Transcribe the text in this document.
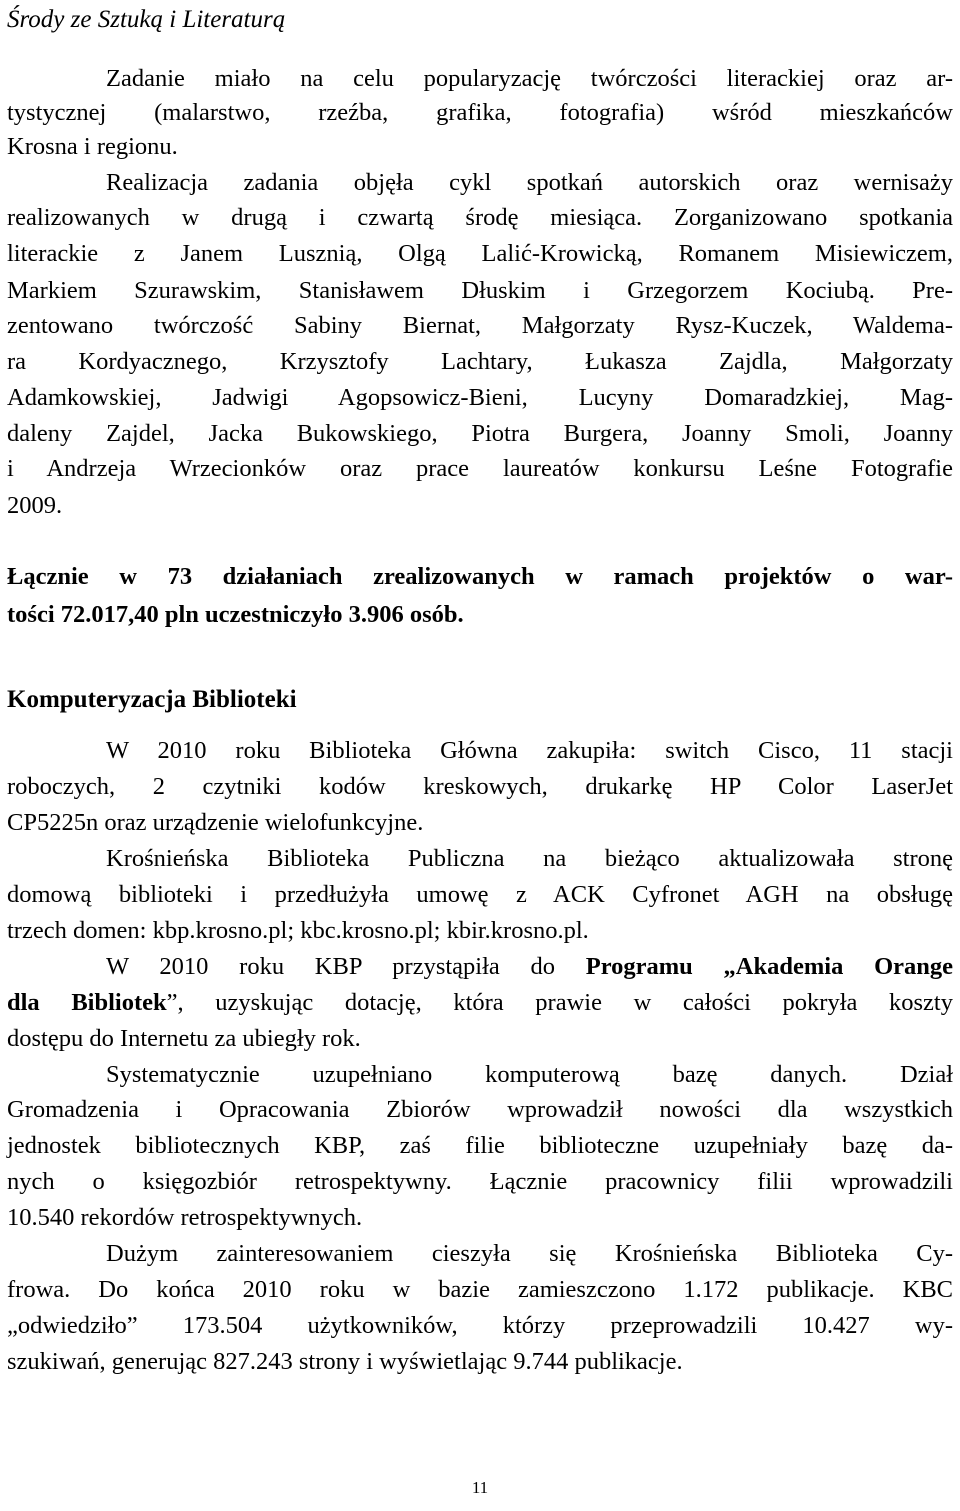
Środy ze Sztuką i Literaturą
Zadanie miało na celu popularyzację twórczości literackiej oraz ar-
tystycznej (malarstwo, rzeźba, grafika, fotografia) wśród mieszkańców
Krosna i regionu.
Realizacja zadania objęła cykl spotkań autorskich oraz wernisaży
realizowanych w drugą i czwartą środę miesiąca. Zorganizowano spotkania
literackie z Janem Lusznią, Olgą Lalić-Krowicką, Romanem Misiewiczem,
Markiem Szurawskim, Stanisławem Dłuskim i Grzegorzem Kociubą. Pre-
zentowano twórczość Sabiny Biernat, Małgorzaty Rysz-Kuczek, Waldema-
ra Kordyacznego, Krzysztofy Lachtary, Łukasza Zajdla, Małgorzaty
Adamkowskiej, Jadwigi Agopsowicz-Bieni, Lucyny Domaradzkiej, Mag-
daleny Zajdel, Jacka Bukowskiego, Piotra Burgera, Joanny Smoli, Joanny
i Andrzeja Wrzecionków oraz prace laureatów konkursu Leśne Fotografie
2009.
Łącznie w 73 działaniach zrealizowanych w ramach projektów o war-
tości 72.017,40 pln uczestniczyło 3.906 osób.
Komputeryzacja Biblioteki
W 2010 roku Biblioteka Główna zakupiła: switch Cisco, 11 stacji
roboczych, 2 czytniki kodów kreskowych, drukarkę HP Color LaserJet
CP5225n oraz urządzenie wielofunkcyjne.
Krośnieńska Biblioteka Publiczna na bieżąco aktualizowała stronę
domową biblioteki i przedłużyła umowę z ACK Cyfronet AGH na obsługę
trzech domen: kbp.krosno.pl; kbc.krosno.pl; kbir.krosno.pl.
W 2010 roku KBP przystąpiła do Programu „Akademia Orange
dla Bibliotek”, uzyskując dotację, która prawie w całości pokryła koszty
dostępu do Internetu za ubiegły rok.
Systematycznie uzupełniano komputerową bazę danych. Dział
Gromadzenia i Opracowania Zbiorów wprowadził nowości dla wszystkich
jednostek bibliotecznych KBP, zaś filie biblioteczne uzupełniały bazę da-
nych o księgozbiór retrospektywny. Łącznie pracownicy filii wprowadzili
10.540 rekordów retrospektywnych.
Dużym zainteresowaniem cieszyła się Krośnieńska Biblioteka Cy-
frowa. Do końca 2010 roku w bazie zamieszczono 1.172 publikacje. KBC
„odwiedziło” 173.504 użytkowników, którzy przeprowadzili 10.427 wy-
szukiwań, generując 827.243 strony i wyświetlając 9.744 publikacje.
11
